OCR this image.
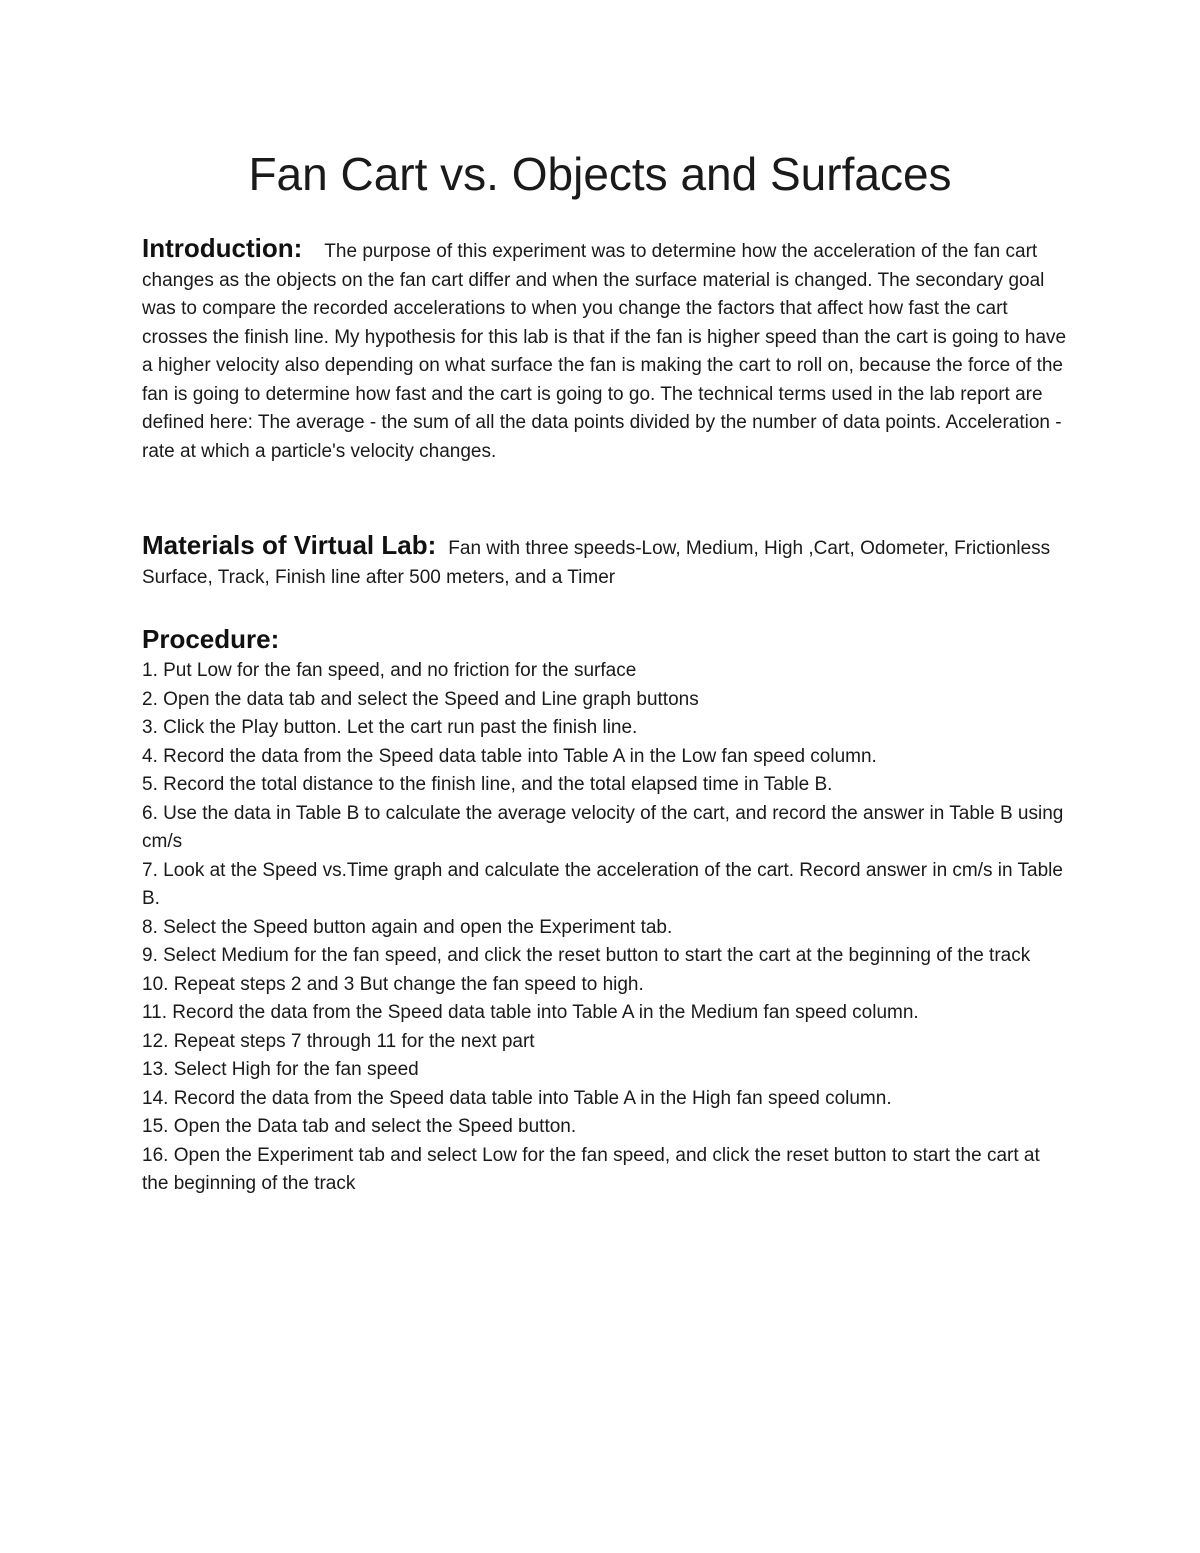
Fan Cart vs. Objects and Surfaces

Introduction: The purpose of this experiment was to determine how the acceleration of the fan cart changes as the objects on the fan cart differ and when the surface material is changed. The secondary goal was to compare the recorded accelerations to when you change the factors that affect how fast the cart crosses the finish line. My hypothesis for this lab is that if the fan is higher speed than the cart is going to have a higher velocity also depending on what surface the fan is making the cart to roll on, because the force of the fan is going to determine how fast and the cart is going to go. The technical terms used in the lab report are defined here: The average - the sum of all the data points divided by the number of data points. Acceleration - rate at which a particle's velocity changes.

Materials of Virtual Lab: Fan with three speeds-Low, Medium, High ,Cart, Odometer, Frictionless Surface, Track, Finish line after 500 meters, and a Timer

Procedure:
1. Put Low for the fan speed, and no friction for the surface
2. Open the data tab and select the Speed and Line graph buttons
3. Click the Play button. Let the cart run past the finish line.
4. Record the data from the Speed data table into Table A in the Low fan speed column.
5. Record the total distance to the finish line, and the total elapsed time in Table B.
6. Use the data in Table B to calculate the average velocity of the cart, and record the answer in Table B using cm/s
7. Look at the Speed vs.Time graph and calculate the acceleration of the cart. Record answer in cm/s in Table B.
8. Select the Speed button again and open the Experiment tab.
9. Select Medium for the fan speed, and click the reset button to start the cart at the beginning of the track
10. Repeat steps 2 and 3 But change the fan speed to high.
11. Record the data from the Speed data table into Table A in the Medium fan speed column.
12. Repeat steps 7 through 11 for the next part
13. Select High for the fan speed
14. Record the data from the Speed data table into Table A in the High fan speed column.
15. Open the Data tab and select the Speed button.
16. Open the Experiment tab and select Low for the fan speed, and click the reset button to start the cart at the beginning of the track
